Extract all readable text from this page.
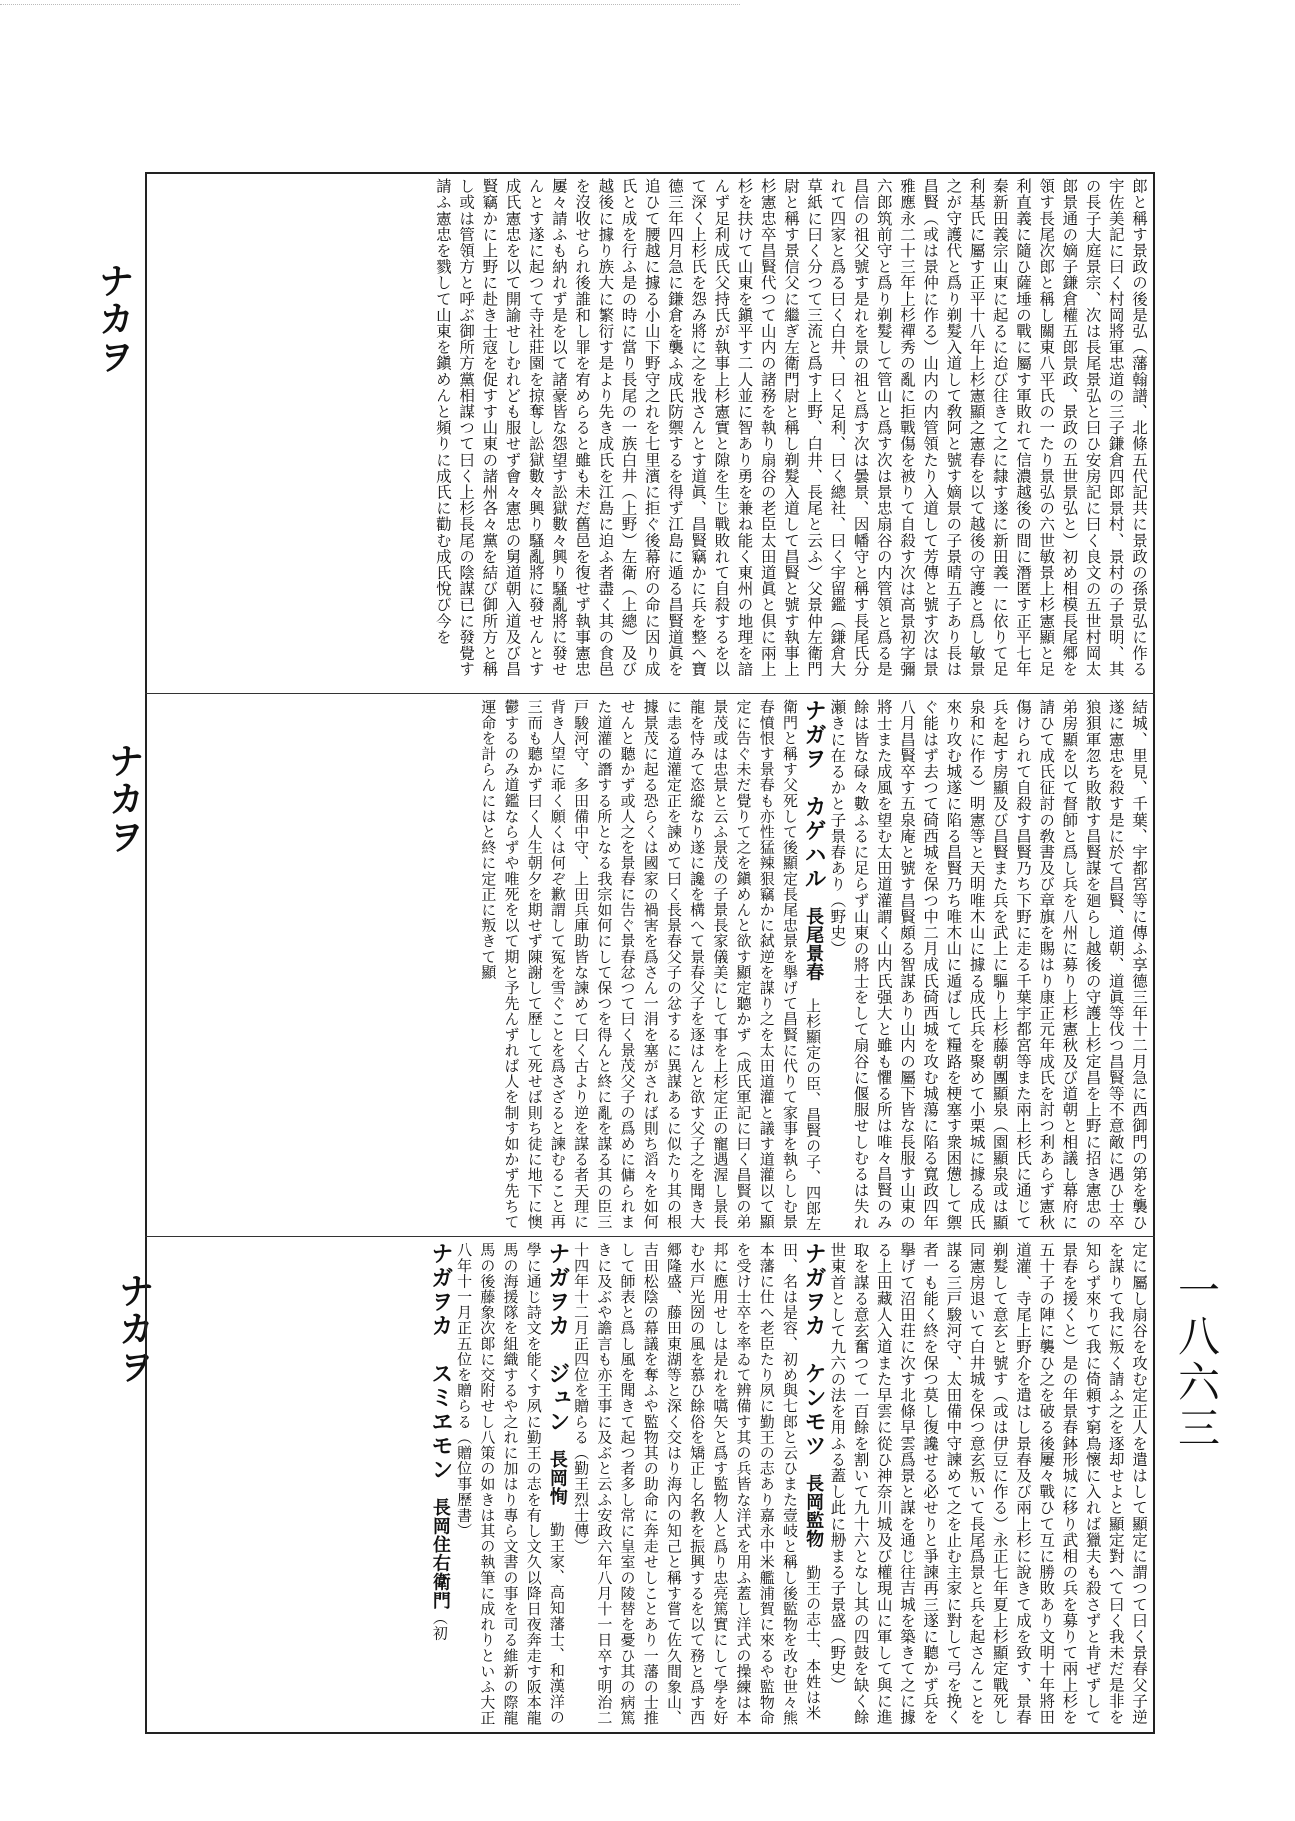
ナカヲ
ナカヲ
ナカヲ
郎と稱す景政の後是弘（藩翰譜、北條五代記共に景政の孫景弘に作る宇佐美記に曰く村岡將軍忠道の三子鎌倉四郎景村、景村の子景明、其の長子大庭景宗、次は長尾景弘と曰ひ安房記に曰く良文の五世村岡太郎景通の嫡子鎌倉權五郎景政、景政の五世景弘と）初め相模長尾郷を領す長尾次郎と稱し關東八平氏の一たり景弘の六世敏景上杉憲顯と足利直義に隨ひ薩埵の戰に屬す軍敗れて信濃越後の間に潛匿す正平七年秦新田義宗山東に起るに迨び往きて之に隸す遂に新田義一に依りて足利基氏に屬す正平十八年上杉憲顯之憲春を以て越後の守護と爲し敏景之が守護代と爲り剃髮入道して敎阿と號す嫡景の子景晴五子あり長は昌賢（或は景仲に作る）山内の内管領たり入道して芳傳と號す次は景雅應永二十三年上杉禪秀の亂に拒戰傷を被りて自殺す次は高景初字彌六郎筑前守と爲り剃髮して管山と爲す次は景忠扇谷の内管領と爲る是昌信の祖父號す是れを景の祖と爲す次は曇景、因幡守と稱す長尾氏分れて四家と爲る曰く白井、曰く足利、曰く總社、曰く宇留鑑（鎌倉大草紙に曰く分つて三流と爲す上野、白井、長尾と云ふ）父景仲左衛門尉と稱す景信父に繼ぎ左衛門尉と稱し剃髮入道して昌賢と號す執事上杉憲忠卒昌賢代つて山内の諸務を執り扇谷の老臣太田道眞と倶に兩上杉を扶けて山東を鎭平す二人並に智あり勇を兼ね能く東州の地理を諳んず足利成氏父持氏が執事上杉憲實と隙を生じ戰敗れて自殺するを以て深く上杉氏を怨み將に之を戕さんとす道眞、昌賢竊かに兵を整へ寶德三年四月急に鎌倉を襲ふ成氏防禦するを得ず江島に遁る昌賢道眞を追ひて腰越に據る小山下野守之れを七里濱に拒ぐ後幕府の命に因り成氏と成を行ふ是の時に當り長尾の一族白井（上野）左衛（上總）及び越後に據り族大に繁衍す是より先き成氏を江島に迫ふ者盡く其の食邑を沒收せられ後誰和し罪を宥めらると雖も未だ舊邑を復せず執事憲忠屢々請ふも納れず是を以て諸豪皆な怨望す訟獄數々興り騷亂將に發せんとす遂に起つて寺社莊園を掠奪し訟獄數々興り騷亂將に發せんとす成氏憲忠を以て開諭せしむれども服せず會々憲忠の舅道朝入道及び昌賢竊かに上野に赴き士寇を促すす山東の諸州各々黨を結び御所方と稱し或は管領方と呼ぶ御所方黨相謀つて曰く上杉長尾の陰謀已に發覺す請ふ憲忠を戮して山東を鎭めんと頻りに成氏に勸む成氏悅び今を
結城、里見、千葉、宇都宮等に傳ふ享德三年十二月急に西御門の第を襲ひ遂に憲忠を殺す是に於て昌賢、道朝、道眞等伐つ昌賢等不意敵に遇ひ士卒狼狽軍忽ち敗散す昌賢謀を廻らし越後の守護上杉定昌を上野に招き憲忠の弟房顯を以て督師と爲し兵を八州に募り上杉憲秋及び道朝と相議し幕府に請ひて成氏征討の敎書及び章旗を賜はり康正元年成氏を討つ利あらず憲秋傷けられて自殺す昌賢乃ち下野に走る千葉宇都宮等また兩上杉氏に通じて兵を起す房顯及び昌賢また兵を武上に驅り上杉藤朝團顯泉（園顯泉或は顯泉和に作る）明憲等と天明唯木山に據る成氏兵を聚めて小栗城に據る成氏來り攻む城遂に陷る昌賢乃ち唯木山に遁ばして糧路を梗塞す衆困憊して禦ぐ能はず去つて碕西城を保つ中二月成氏碕西城を攻む城蕩に陷る寬政四年八月昌賢卒す五泉庵と號す昌賢頗る智謀あり山内の屬下皆な長服す山東の將士また成風を望む太田道灌謂く山内氏强大と雖も懼る所は唯々昌賢のみ餘は皆な碌々數ふるに足らず山東の將士をして扇谷に偃服せしむるは失れ瀬きに在るかと子景春あり（野史）
ナガヲ　カゲハル　長尾景春　上杉顯定の臣、昌賢の子、四郎左衛門と稱す父死して後顯定長尾忠景を擧げて昌賢に代りて家事を執らしむ景春憤恨す景春も亦性猛辣狠竊かに弑逆を謀り之を太田道灌と議す道灌以て顯定に告ぐ未だ覺りて之を鎭めんと欲す顯定聽かず（成氏軍記に曰く昌賢の弟景茂或は忠景と云ふ景茂の子景長家儀美にして事を上杉定正の寵遇渥し景長龍を恃みて恣縱なり遂に讒を構へて景春父子を逐はんと欲す父子之を聞き大に恚る道灌定正を諫めて曰く長景春父子の忿するに異謀あるに似たり其の根據景茂に起る恐らくは國家の禍害を爲さん一涓を塞がされば則ち滔々を如何せんと聽かず或人之を景春に告ぐ景春忿つて曰く景茂父子の爲めに傭られまた道灌の譖する所となる我宗如何にして保つを得んと終に亂を謀る其の臣三戸駿河守、多田備中守、上田兵庫助皆な諫めて曰く古より逆を謀る者天理に背き人望に乖く願くは何ぞ歉謂して冤を雪ぐことを爲さざると諫むること再三而も聽かず曰く人生朝夕を期せず陳謝して歷して死せば則ち徒に地下に懊鬱するのみ道鑑ならずや唯死を以て期と予先んずれば人を制す如かず先ちて運命を計らんにはと終に定正に叛きて顯
定に屬し扇谷を攻む定正人を遣はして顯定に謂つて曰く景春父子逆を謀りて我に叛く請ふ之を逐却せよと顯定對へて曰く我未だ是非を知らず來りて我に倚頼す窮鳥懷に入れば獵夫も殺さずと肯ぜずして景春を援くと）是の年景春鉢形城に移り武相の兵を募りて兩上杉を五十子の陣に襲ひ之を破る後屢々戰ひて互に勝敗あり文明十年將田道灌、寺尾上野介を遣はし景春及び兩上杉に說きて成を致す、景春剃髮して意玄と號す（或は伊豆に作る）永正七年夏上杉顯定戰死し同憲房退いて白井城を保つ意玄叛いて長尾爲景と兵を起さんことを謀る三戸駿河守、太田備中守諫めて之を止む主家に對して弓を挽く者一も能く終を保つ莫し復讒せる必せりと爭諫再三遂に聽かず兵を擧げて沼田荘に次す北條早雲爲景と謀を通じ往吉城を築きて之に據る上田藏人入道また早雲に從ひ神奈川城及び權現山に軍して與に進取を謀る意玄奮つて一百餘を割いて九十六となし其の四鼓を缺く餘世東首として九六の法を用ふる蓋し此に刱まる子景盛（野史）
ナガヲカ　ケンモツ　長岡監物　勤王の志士、本姓は米田、名は是容、初め與七郎と云ひまた壹岐と稱し後監物を改む世々熊本藩に仕へ老臣たり夙に勤王の志あり嘉永中米艦浦賀に來るや監物命を受け士卒を率ゐて辨備す其の兵皆な洋式を用ふ蓋し洋式の操練は本邦に應用せしは是れを嚆矢と爲す監物人と爲り忠亮篤實にして學を好む水戸光圀の風を慕ひ餘俗を矯正し名教を振興するを以て務と爲す西郷隆盛、藤田東湖等と深く交はり海內の知己と稱す嘗て佐久間象山、吉田松陰の幕議を奪ふや監物其の助命に奔走せしことあり一藩の士推して師表と爲し風を聞きて起つ者多し常に皇室の陵替を憂ひ其の病篤きに及ぶや譫言も亦王事に及ぶと云ふ安政六年八月十一日卒す明治二十四年十二月正四位を贈らる（勤王烈士傳）
ナガヲカ　ジュン　長岡恂　勤王家、高知藩士、和漢洋の學に通じ詩文を能くす夙に勤王の志を有し文久以降日夜奔走す阪本龍馬の海援隊を組織するや之れに加はり專ら文書の事を司る維新の際龍馬の後藤象次郞に交附せし八策の如きは其の執筆に成れりといふ大正八年十一月正五位を贈らる（贈位事歷書）
ナガヲカ　スミヱモン　長岡住右衛門（初
一八六三
